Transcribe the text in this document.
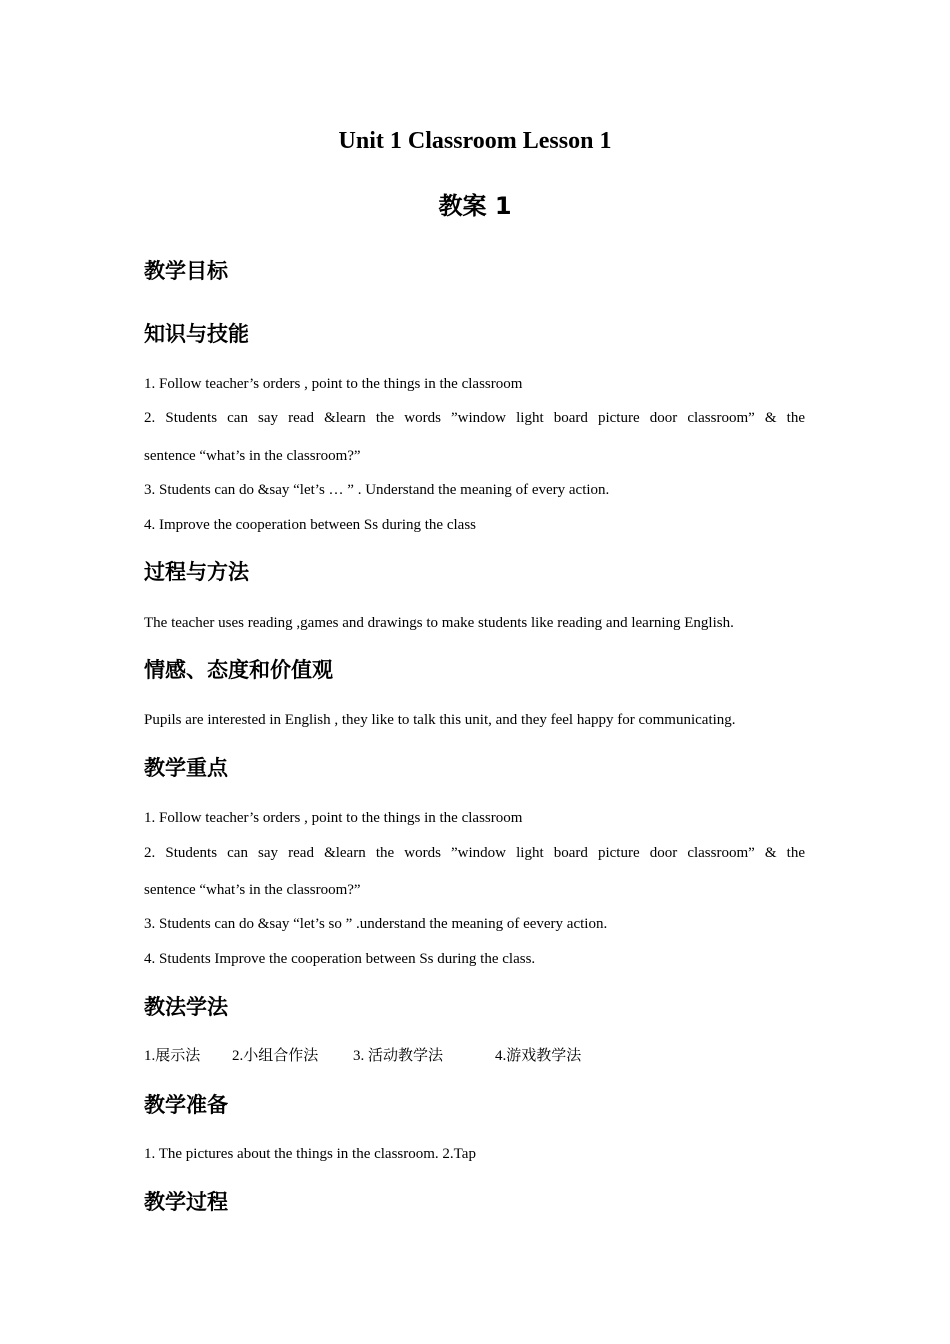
Unit 1 Classroom Lesson 1
教案 1
教学目标
知识与技能
1. Follow teacher’s orders , point to the things in the classroom
2. Students can say read &learn the words ”window light board picture door classroom” & the
sentence “what’s in the classroom?”
3. Students can do &say “let’s … ” . Understand the meaning of every action.
4. Improve the cooperation between Ss during the class
过程与方法
The teacher uses reading ,games and drawings to make students like reading and learning English.
情感、态度和价值观
Pupils are interested in English , they like to talk this unit, and they feel happy for communicating.
教学重点
1. Follow teacher’s orders , point to the things in the classroom
2. Students can say read &learn the words ”window light board picture door classroom” & the
sentence “what’s in the classroom?”
3. Students can do &say “let’s so ” .understand the meaning of eevery action.
4. Students Improve the cooperation between Ss during the class.
教法学法
1.展示法 2.小组合作法 3. 活动教学法	4.游戏教学法
教学准备
1. The pictures about the things in the classroom. 2.Tap
教学过程
